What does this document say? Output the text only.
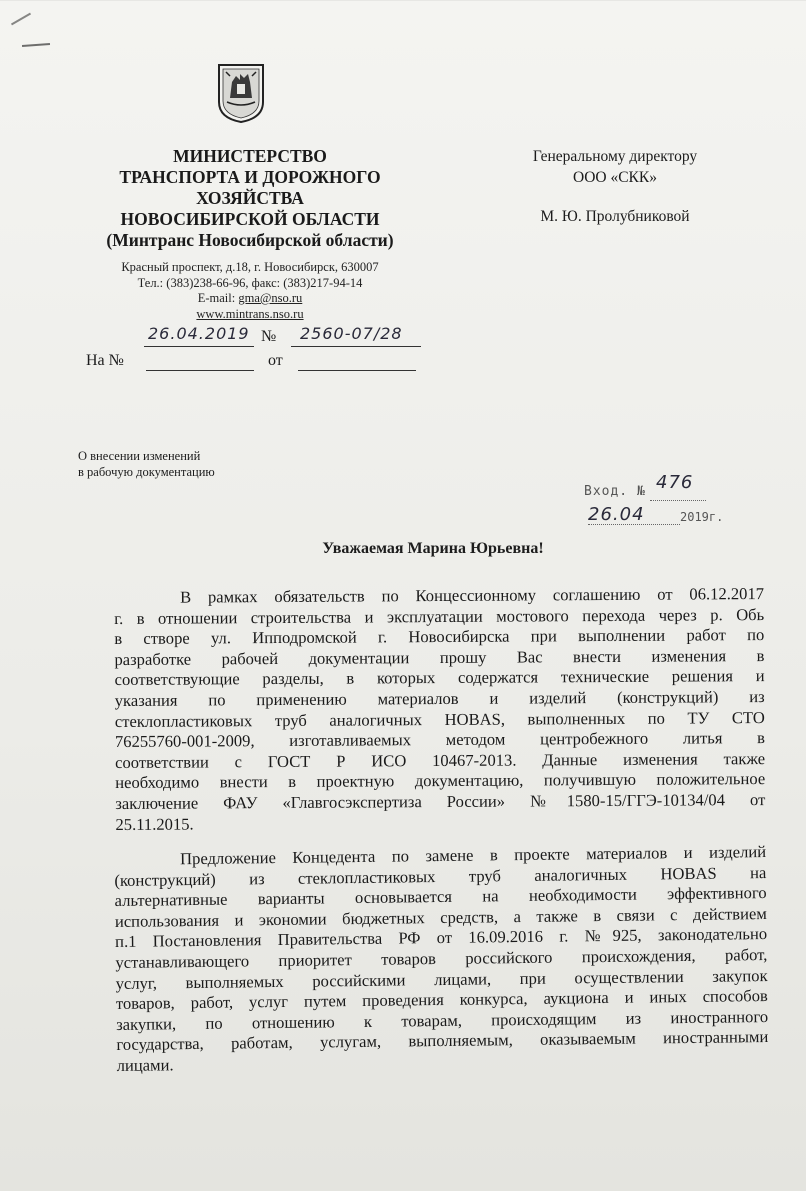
МИНИСТЕРСТВО
ТРАНСПОРТА И ДОРОЖНОГО
ХОЗЯЙСТВА
НОВОСИБИРСКОЙ ОБЛАСТИ
(Минтранс Новосибирской области)
Красный проспект, д.18, г. Новосибирск, 630007
Тел.: (383)238-66-96, факс: (383)217-94-14
E-mail: gma@nso.ru
www.mintrans.nso.ru
26.04.2019 № 2560-07/28
На №	от
Генеральному директору
ООО «СКК»
М. Ю. Пролубниковой
О внесении изменений
в рабочую документацию
Вход. № 476
26.04	2019г.
Уважаемая Марина Юрьевна!
В рамках обязательств по Концессионному соглашению от 06.12.2017
г. в отношении строительства и эксплуатации мостового перехода через р. Обь
в створе ул. Ипподромской г. Новосибирска при выполнении работ по
разработке рабочей документации прошу Вас внести изменения в
соответствующие разделы, в которых содержатся технические решения и
указания по применению материалов и изделий (конструкций) из
стеклопластиковых труб аналогичных HOBAS, выполненных по ТУ СТО
76255760-001-2009, изготавливаемых методом центробежного литья в
соответствии с ГОСТ Р ИСО 10467-2013. Данные изменения также
необходимо внести в проектную документацию, получившую положительное
заключение ФАУ «Главгосэкспертиза России» №1580-15/ГГЭ-10134/04 от
25.11.2015.
Предложение Концедента по замене в проекте материалов и изделий
(конструкций) из стеклопластиковых труб аналогичных HOBAS на
альтернативные варианты основывается на необходимости эффективного
использования и экономии бюджетных средств, а также в связи с действием
п.1 Постановления Правительства РФ от 16.09.2016 г. №925, законодательно
устанавливающего приоритет товаров российского происхождения, работ,
услуг, выполняемых российскими лицами, при осуществлении закупок
товаров, работ, услуг путем проведения конкурса, аукциона и иных способов
закупки, по отношению к товарам, происходящим из иностранного
государства, работам, услугам, выполняемым, оказываемым иностранными
лицами.
